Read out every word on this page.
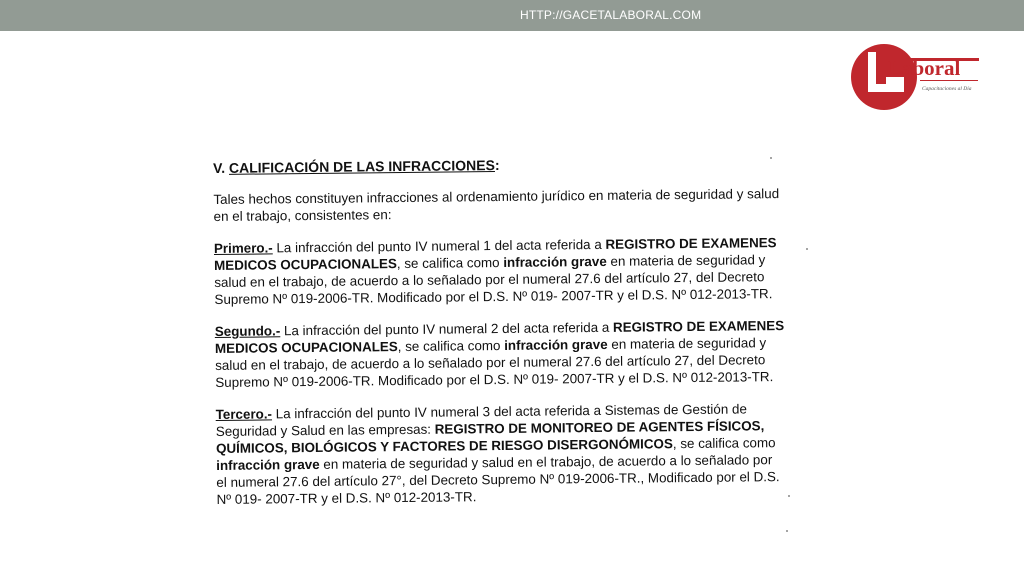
HTTP://GACETALABORAL.COM
Laboral
Capacitaciones al Día
V. CALIFICACIÓN DE LAS INFRACCIONES:

Tales hechos constituyen infracciones al ordenamiento jurídico en materia de seguridad y salud en el trabajo, consistentes en:

Primero.- La infracción del punto IV numeral 1 del acta referida a REGISTRO DE EXAMENES MEDICOS OCUPACIONALES, se califica como infracción grave en materia de seguridad y salud en el trabajo, de acuerdo a lo señalado por el numeral 27.6 del artículo 27, del Decreto Supremo Nº 019-2006-TR. Modificado por el D.S. Nº 019- 2007-TR y el D.S. Nº 012-2013-TR.

Segundo.- La infracción del punto IV numeral 2 del acta referida a REGISTRO DE EXAMENES MEDICOS OCUPACIONALES, se califica como infracción grave en materia de seguridad y salud en el trabajo, de acuerdo a lo señalado por el numeral 27.6 del artículo 27, del Decreto Supremo Nº 019-2006-TR. Modificado por el D.S. Nº 019- 2007-TR y el D.S. Nº 012-2013-TR.

Tercero.- La infracción del punto IV numeral 3 del acta referida a Sistemas de Gestión de Seguridad y Salud en las empresas: REGISTRO DE MONITOREO DE AGENTES FÍSICOS, QUÍMICOS, BIOLÓGICOS Y FACTORES DE RIESGO DISERGONÓMICOS, se califica como infracción grave en materia de seguridad y salud en el trabajo, de acuerdo a lo señalado por el numeral 27.6 del artículo 27°, del Decreto Supremo Nº 019-2006-TR., Modificado por el D.S. Nº 019- 2007-TR y el D.S. Nº 012-2013-TR.
